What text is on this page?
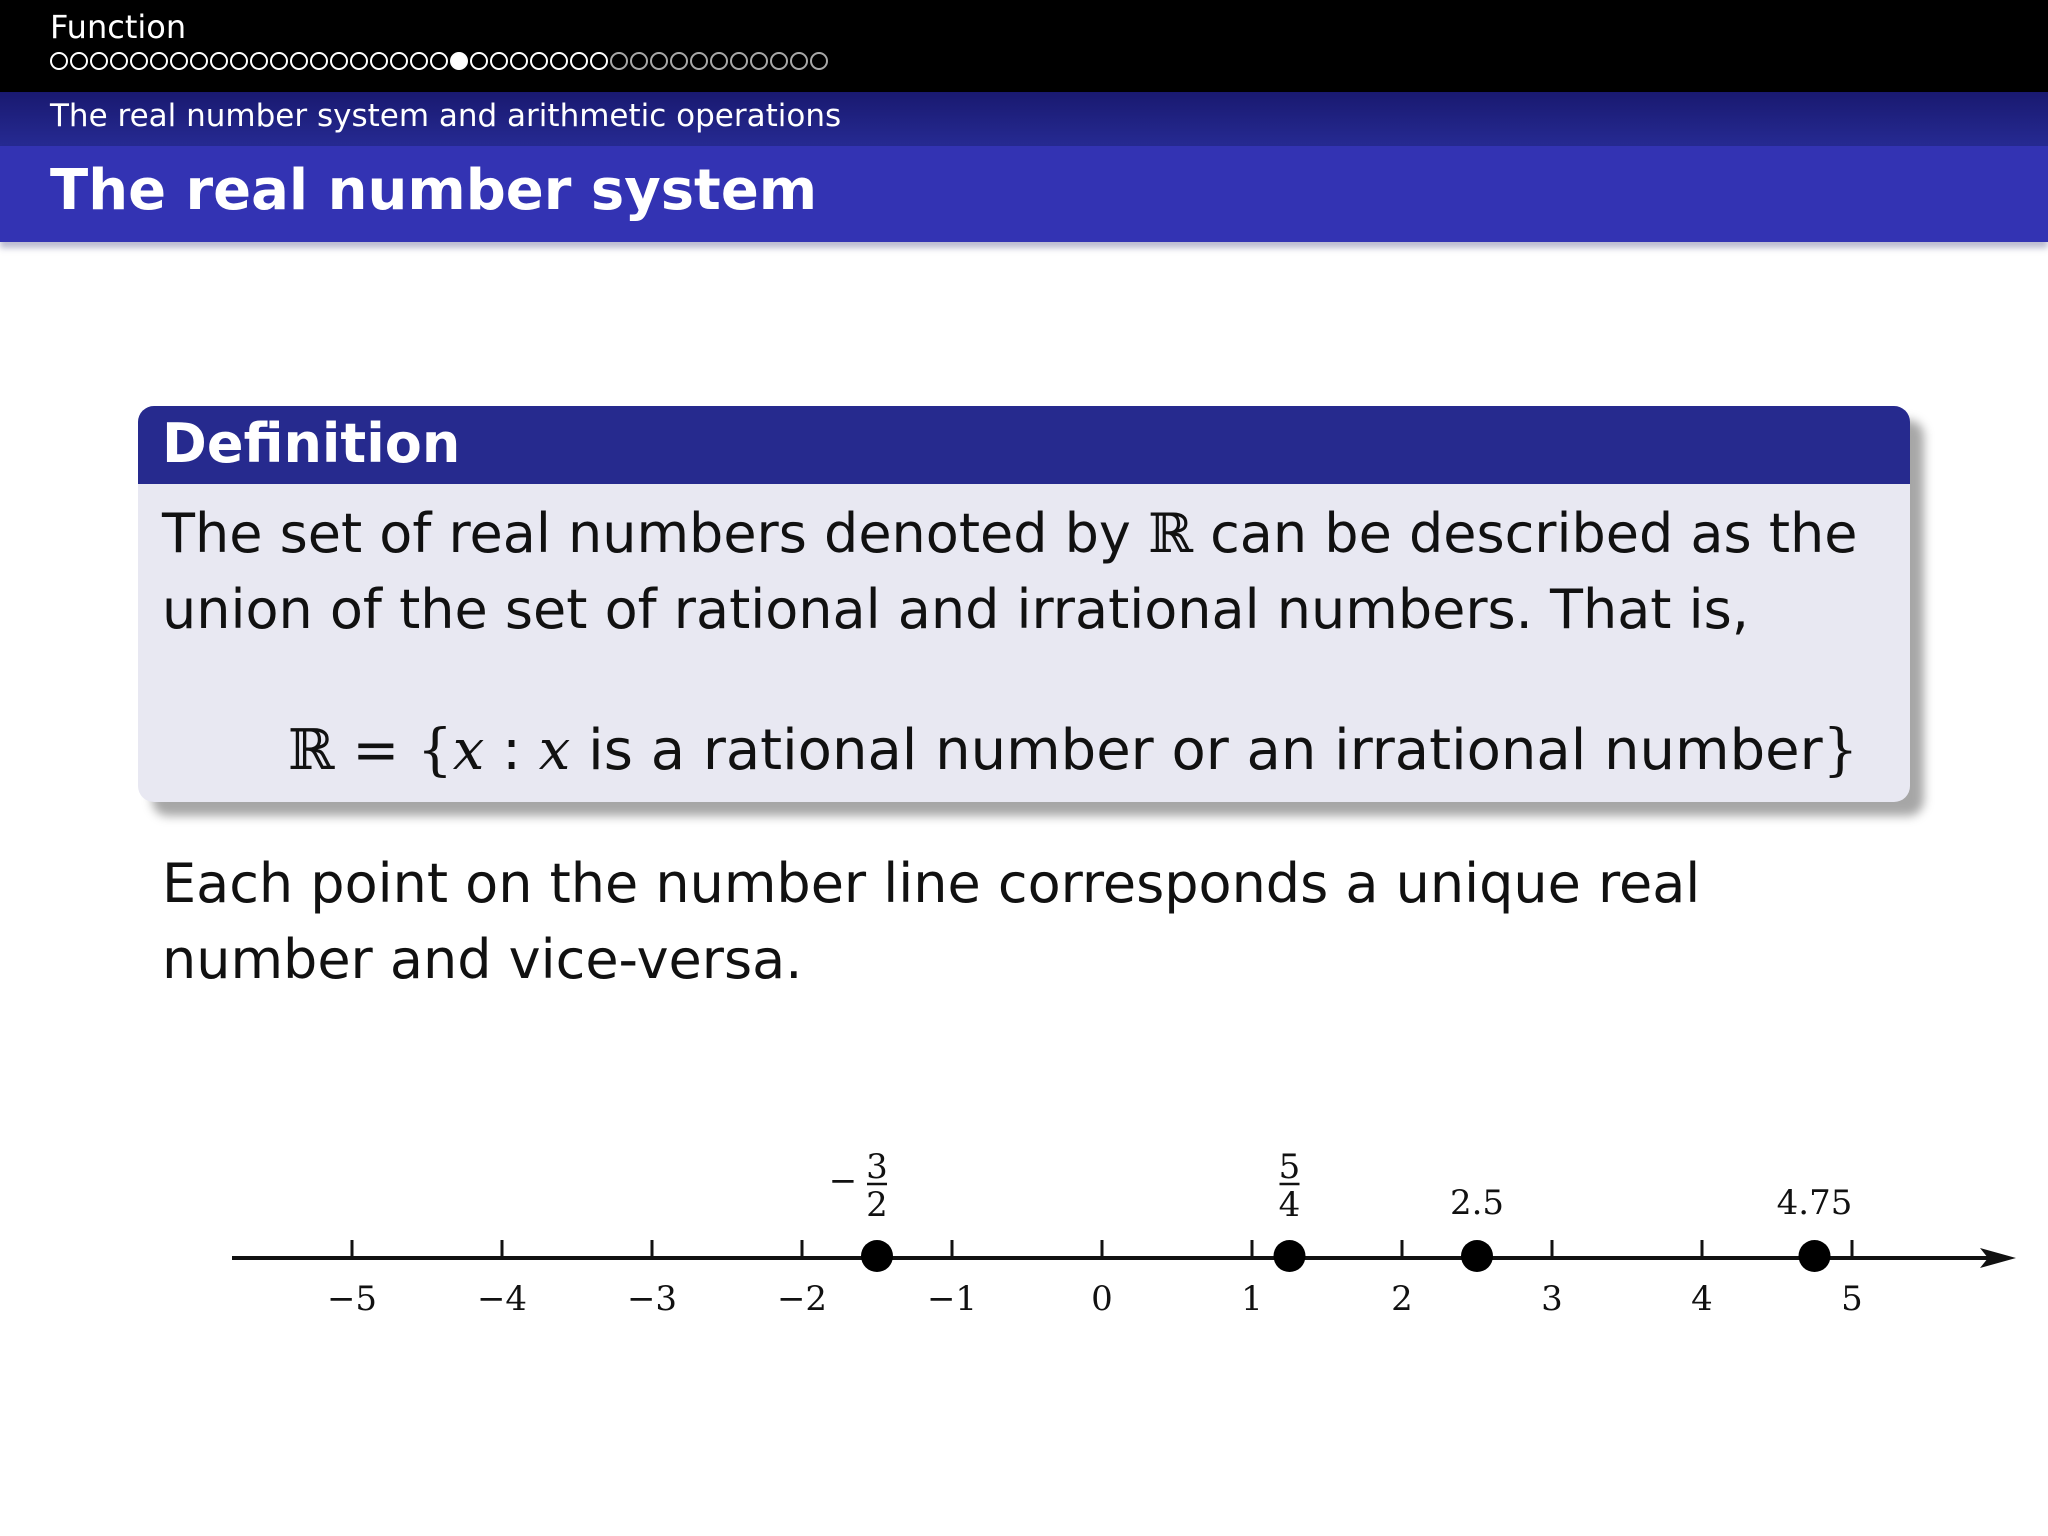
Function
The real number system and arithmetic operations
The real number system
Definition
The set of real numbers denoted by ℝ can be described as the union of the set of rational and irrational numbers. That is,
ℝ = {x : x is a rational number or an irrational number}
Each point on the number line corresponds a unique real number and vice-versa.
−5	−4	−3	−2	−1	0	1	2	3	4	5
− 3
2
5
4	2.5	4.75
